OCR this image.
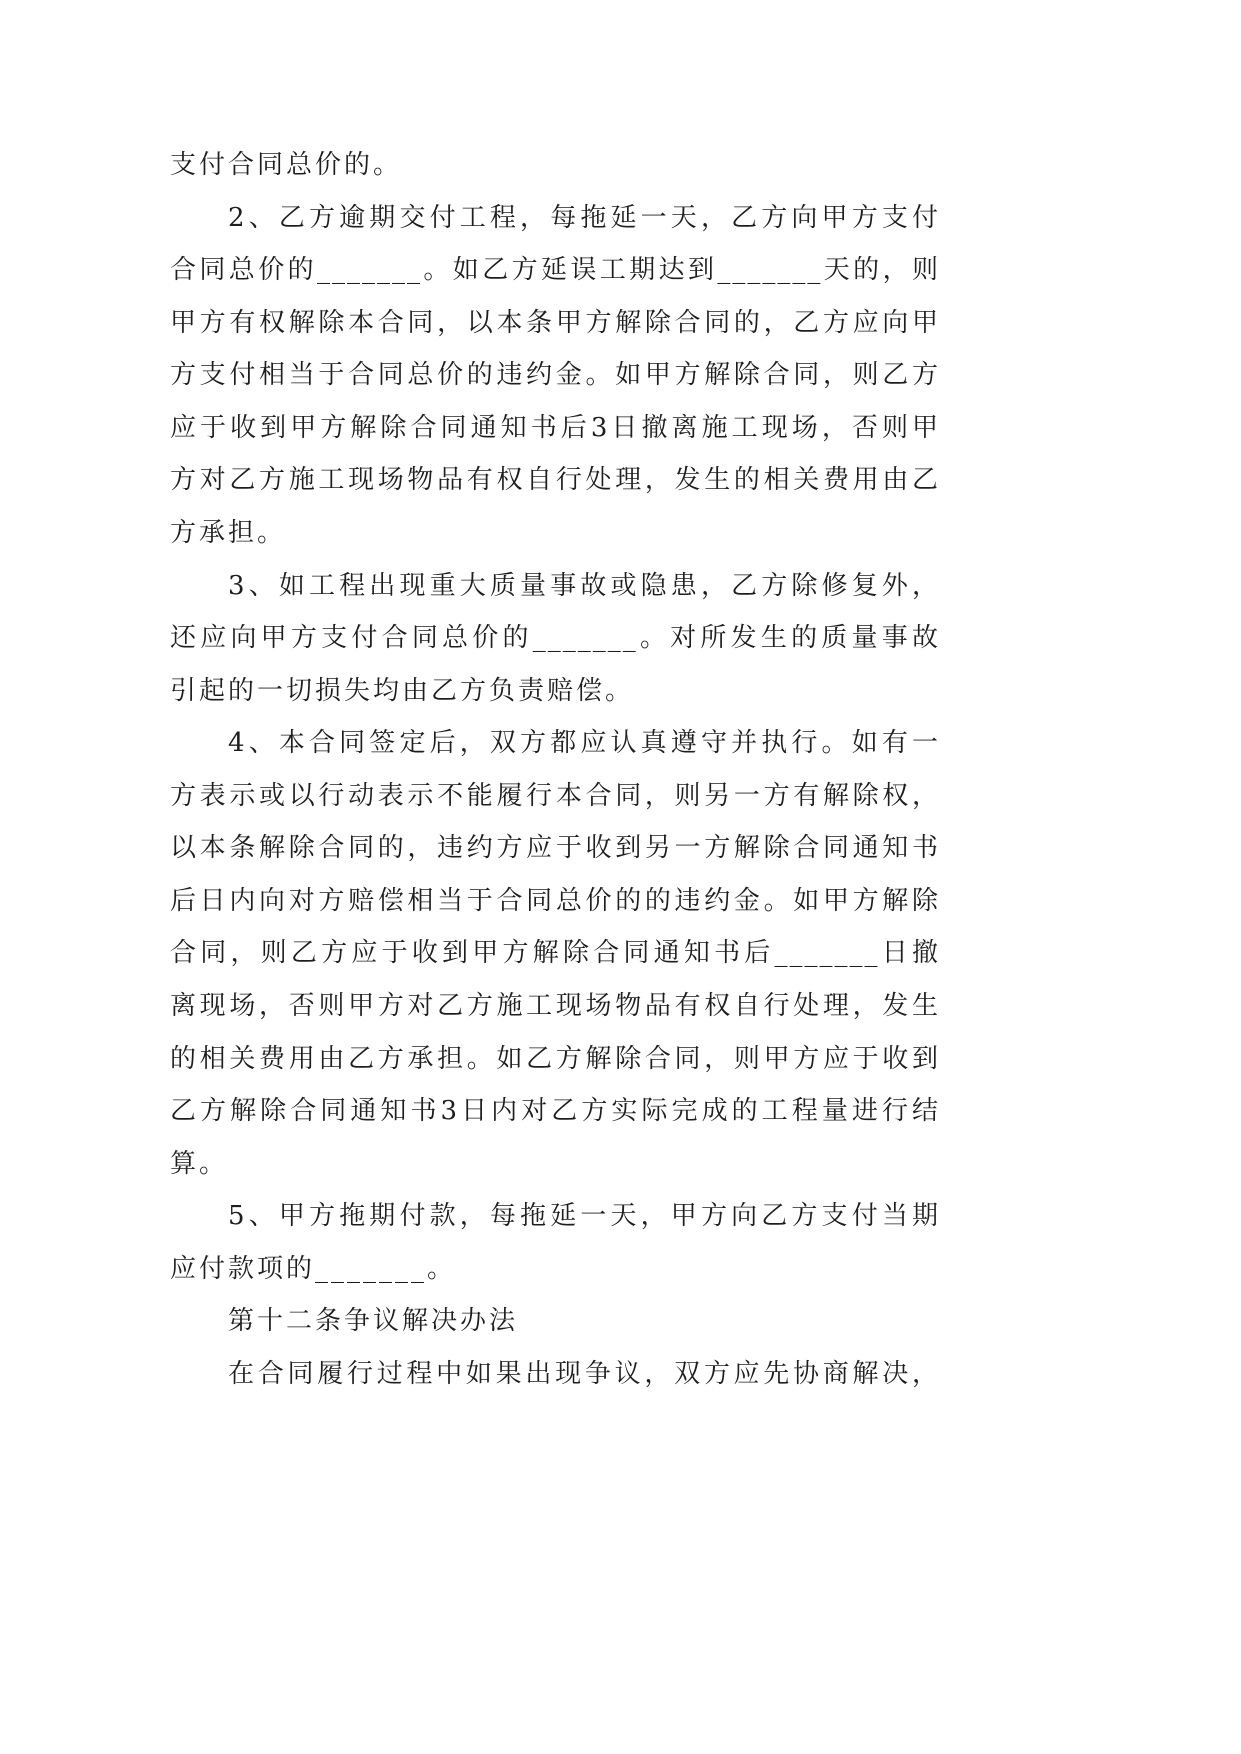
支付合同总价的。
2、乙方逾期交付工程，每拖延一天，乙方向甲方支付
合同总价的_______。如乙方延误工期达到_______天的，则
甲方有权解除本合同，以本条甲方解除合同的，乙方应向甲
方支付相当于合同总价的违约金。如甲方解除合同，则乙方
应于收到甲方解除合同通知书后3日撤离施工现场，否则甲
方对乙方施工现场物品有权自行处理，发生的相关费用由乙
方承担。
3、如工程出现重大质量事故或隐患，乙方除修复外，
还应向甲方支付合同总价的_______。对所发生的质量事故
引起的一切损失均由乙方负责赔偿。
4、本合同签定后，双方都应认真遵守并执行。如有一
方表示或以行动表示不能履行本合同，则另一方有解除权，
以本条解除合同的，违约方应于收到另一方解除合同通知书
后日内向对方赔偿相当于合同总价的的违约金。如甲方解除
合同，则乙方应于收到甲方解除合同通知书后_______日撤
离现场，否则甲方对乙方施工现场物品有权自行处理，发生
的相关费用由乙方承担。如乙方解除合同，则甲方应于收到
乙方解除合同通知书3日内对乙方实际完成的工程量进行结
算。
5、甲方拖期付款，每拖延一天，甲方向乙方支付当期
应付款项的_______。
第十二条争议解决办法
在合同履行过程中如果出现争议，双方应先协商解决，
